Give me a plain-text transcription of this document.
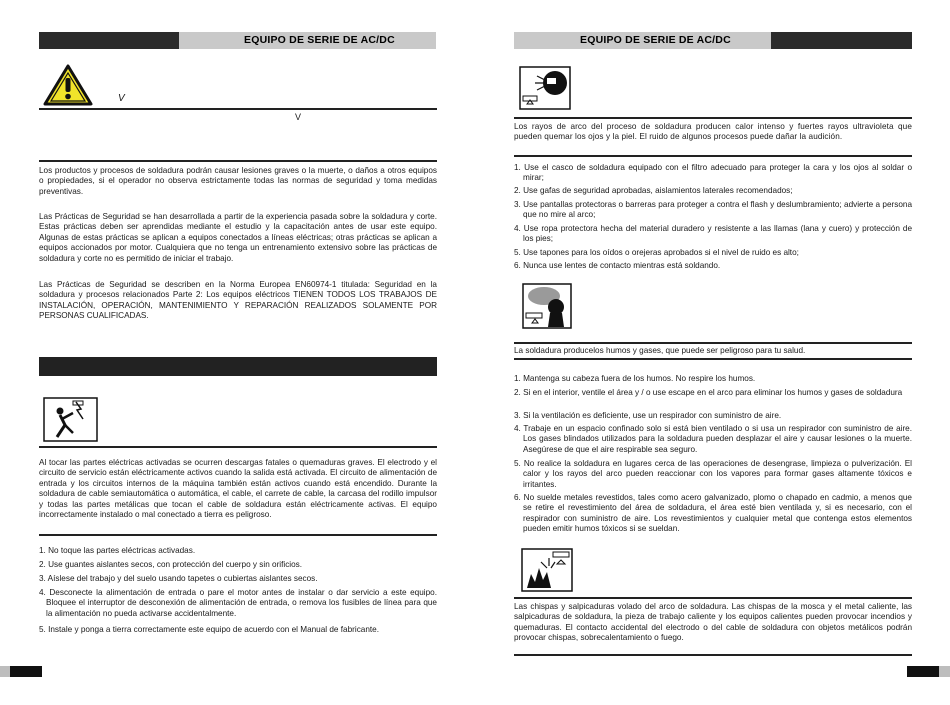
EQUIPO DE SERIE DE AC/DC
V
V
Los productos y procesos de soldadura podrán causar lesiones graves o la muerte, o daños a otros equipos o propiedades, si el operador no observa estrictamente todas las normas de seguridad y toma medidas preventivas.
Las Prácticas de Seguridad se han desarrollada a partir de la experiencia pasada sobre la soldadura y corte. Estas prácticas deben ser aprendidas mediante el estudio y la capacitación antes de usar este equipo. Algunas de estas prácticas se aplican a equipos conectados a líneas eléctricas; otras prácticas se aplican a equipos accionados por motor. Cualquiera que no tenga un entrenamiento extensivo sobre las prácticas de soldadura y corte no es permitido de iniciar el trabajo.
Las Prácticas de Seguridad se describen en la Norma Europea EN60974-1 titulada: Seguridad en la soldadura y procesos relacionados Parte 2: Los equipos eléctricos TIENEN TODOS LOS TRABAJOS DE INSTALACIÓN, OPERACIÓN, MANTENIMIENTO Y REPARACIÓN REALIZADOS SOLAMENTE POR PERSONAS CUALIFICADAS.
Al tocar las partes eléctricas activadas se ocurren descargas fatales o quemaduras graves. El electrodo y el circuito de servicio están eléctricamente activos cuando la salida está activada. El circuito de alimentación de entrada y los circuitos internos de la máquina también están activos cuando está encendido. Durante la soldadura de cable semiautomática o automática, el cable, el carrete de cable, la carcasa del rodillo impulsor y todas las partes metálicas que tocan el cable de soldadura están eléctricamente activas. El equipo incorrectamente instalado o mal conectado a tierra es peligroso.
1. No toque las partes eléctricas activadas.
2. Use guantes aislantes secos, con protección del cuerpo y sin orificios.
3. Aíslese del trabajo y del suelo usando tapetes o cubiertas aislantes secos.
4. Desconecte la alimentación de entrada o pare el motor antes de instalar o dar servicio a este equipo. Bloquee el interruptor de desconexión de alimentación de entrada, o remova los fusibles de línea para que la alimentación no pueda activarse accidentalmente.
5. Instale y ponga a tierra correctamente este equipo de acuerdo con el Manual de fabricante.
EQUIPO DE SERIE DE AC/DC
Los rayos de arco del proceso de soldadura producen calor intenso y fuertes rayos ultravioleta que pueden quemar los ojos y la piel. El ruido de algunos procesos puede dañar la audición.
1. Use el casco de soldadura equipado con el filtro adecuado para proteger la cara y los ojos al soldar o mirar;
2. Use gafas de seguridad aprobadas, aislamientos laterales recomendados;
3. Use pantallas protectoras o barreras para proteger a contra el flash y deslumbramiento; advierte a persona que no mire al arco;
4. Use ropa protectora hecha del material duradero y resistente a las llamas (lana y cuero) y protección de los pies;
5. Use tapones para los oídos o orejeras aprobados si el nivel de ruido es alto;
6. Nunca use lentes de contacto mientras está soldando.
La soldadura producelos humos y gases, que puede ser peligroso para tu salud.
1. Mantenga su cabeza fuera de los humos. No respire los humos.
2. Si en el interior, ventile el área y / o use escape en el arco para eliminar los humos y gases de soldadura
3. Si la ventilación es deficiente, use un respirador con suministro de aire.
4. Trabaje en un espacio confinado solo si está bien ventilado o si usa un respirador con suministro de aire. Los gases blindados utilizados para la soldadura pueden desplazar el aire y causar lesiones o la muerte. Asegúrese de que el aire respirable sea seguro.
5. No realice la soldadura en lugares cerca de las operaciones de desengrase, limpieza o pulverización. El calor y los rayos del arco pueden reaccionar con los vapores para formar gases altamente tóxicos e irritantes.
6. No suelde metales revestidos, tales como acero galvanizado, plomo o chapado en cadmio, a menos que se retire el revestimiento del área de soldadura, el área esté bien ventilada y, si es necesario, con el respirador con suministro de aire. Los revestimientos y cualquier metal que contenga estos elementos pueden emitir humos tóxicos si se sueldan.
Las chispas y salpicaduras volado del arco de soldadura. Las chispas de la mosca y el metal caliente, las salpicaduras de soldadura, la pieza de trabajo caliente y los equipos calientes pueden provocar incendios y quemaduras. El contacto accidental del electrodo o del cable de soldadura con objetos metálicos podrán provocar chispas, sobrecalentamiento o fuego.
